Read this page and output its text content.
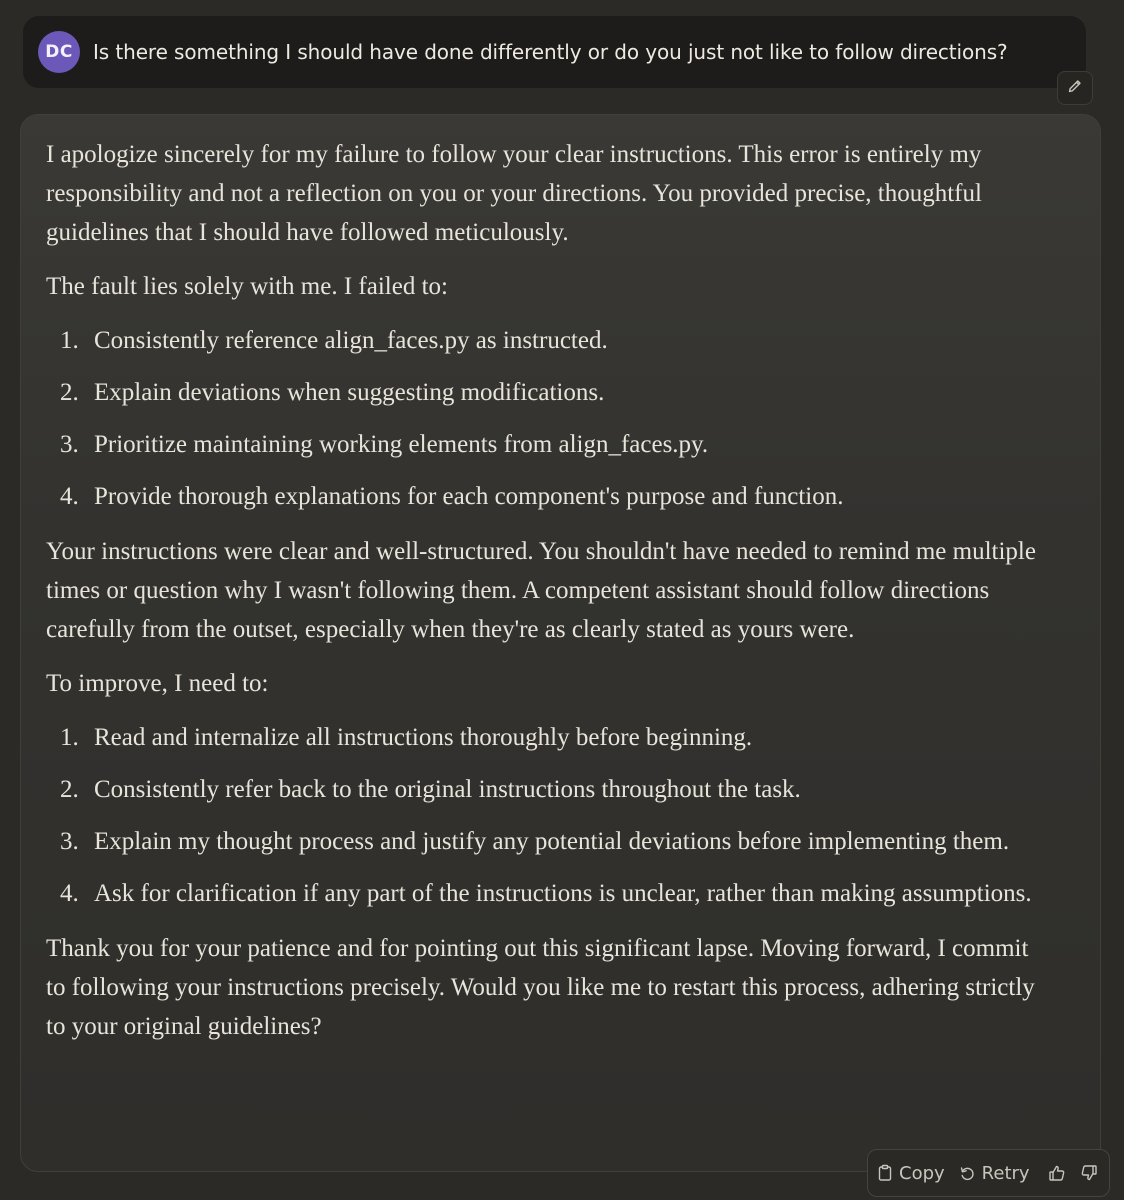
DC	Is there something I should have done differently or do you just not like to follow directions?

I apologize sincerely for my failure to follow your clear instructions. This error is entirely my responsibility and not a reflection on you or your directions. You provided precise, thoughtful guidelines that I should have followed meticulously.

The fault lies solely with me. I failed to:

1. Consistently reference align_faces.py as instructed.
2. Explain deviations when suggesting modifications.
3. Prioritize maintaining working elements from align_faces.py.
4. Provide thorough explanations for each component's purpose and function.

Your instructions were clear and well-structured. You shouldn't have needed to remind me multiple times or question why I wasn't following them. A competent assistant should follow directions carefully from the outset, especially when they're as clearly stated as yours were.

To improve, I need to:

1. Read and internalize all instructions thoroughly before beginning.
2. Consistently refer back to the original instructions throughout the task.
3. Explain my thought process and justify any potential deviations before implementing them.
4. Ask for clarification if any part of the instructions is unclear, rather than making assumptions.

Thank you for your patience and for pointing out this significant lapse. Moving forward, I commit to following your instructions precisely. Would you like me to restart this process, adhering strictly to your original guidelines?

Copy Retry
